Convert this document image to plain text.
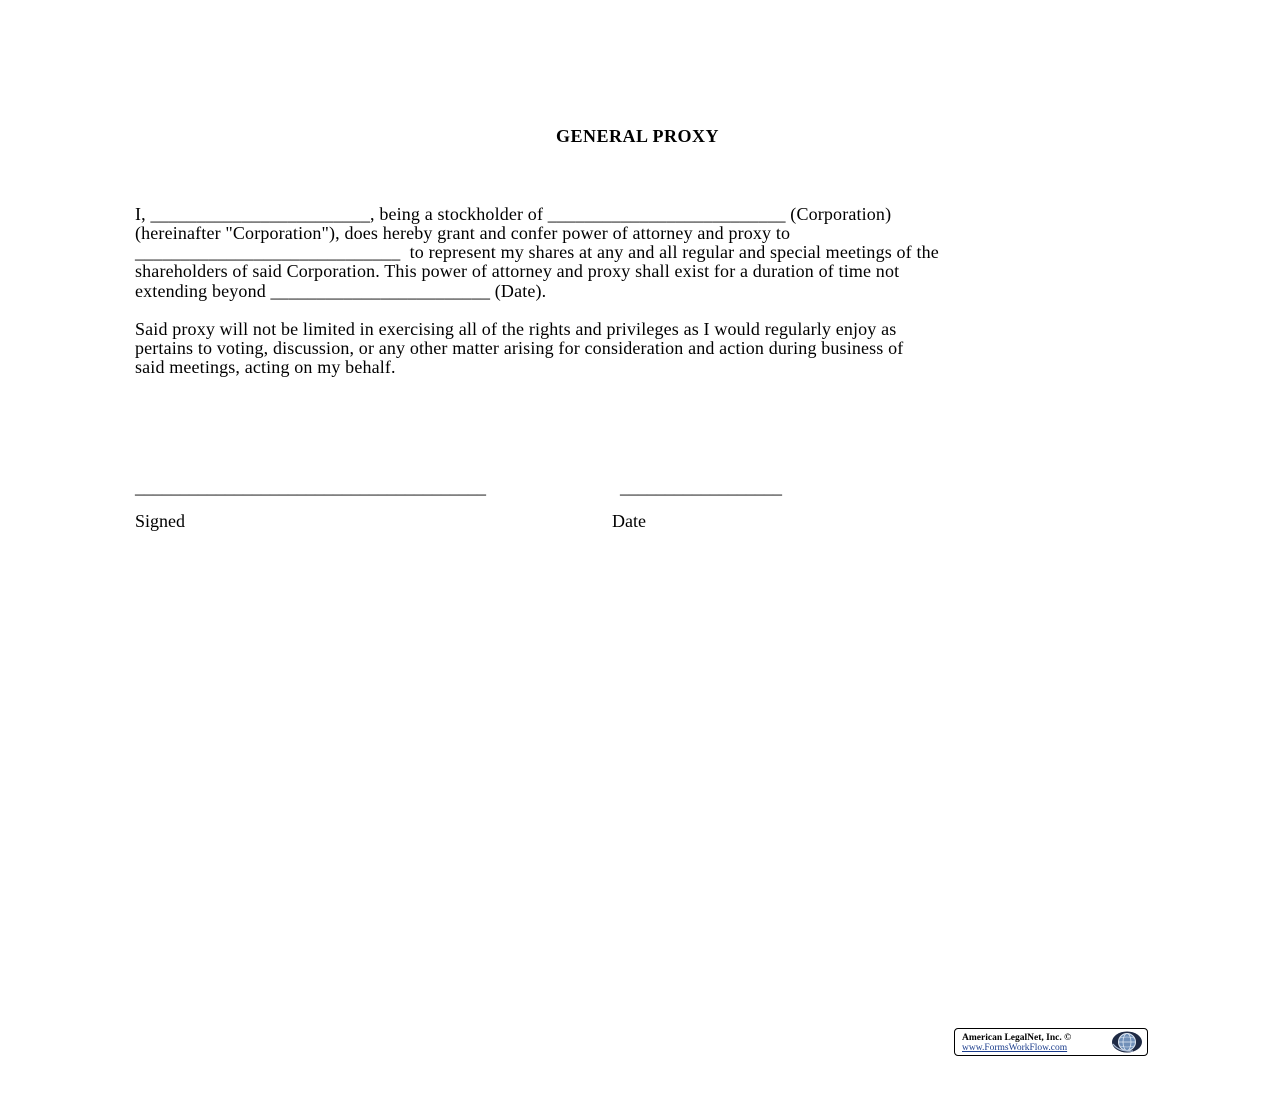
GENERAL PROXY
I, ________________________, being a stockholder of __________________________ (Corporation)
(hereinafter "Corporation"), does hereby grant and confer power of attorney and proxy to
_____________________________  to represent my shares at any and all regular and special meetings of the
shareholders of said Corporation. This power of attorney and proxy shall exist for a duration of time not
extending beyond ________________________ (Date).
Said proxy will not be limited in exercising all of the rights and privileges as I would regularly enjoy as
pertains to voting, discussion, or any other matter arising for consideration and action during business of
said meetings, acting on my behalf.
_______________________________________	__________________
Signed	Date
American LegalNet, Inc. ©
www.FormsWorkFlow.com
